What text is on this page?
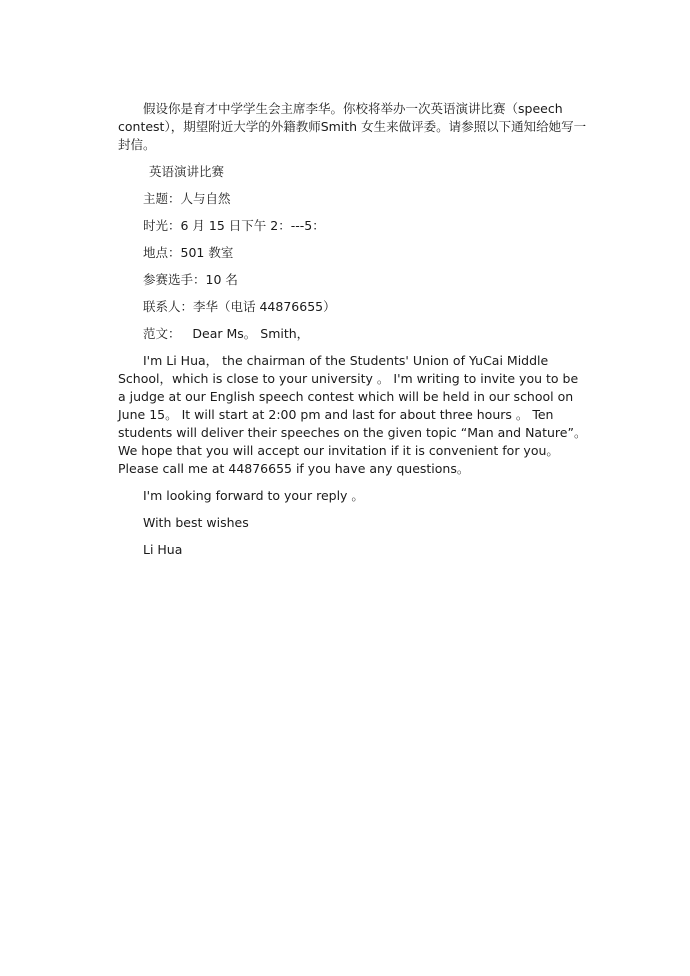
假设你是育才中学学生会主席李华。你校将举办一次英语演讲比赛（speech contest），期望附近大学的外籍教师Smith 女生来做评委。请参照以下通知给她写一封信。

英语演讲比赛

主题：人与自然

时光：6 月 15 日下午 2：---5：

地点：501 教室

参赛选手：10 名

联系人：李华（电话 44876655）

范文：   Dear Ms。 Smith，

I'm Li Hua， the chairman of the Students' Union of YuCai Middle School，which is close to your university 。 I'm writing to invite you to be a judge at our English speech contest which will be held in our school on June 15。 It will start at 2:00 pm and last for about three hours 。 Ten students will deliver their speeches on the given topic “Man and Nature”。 We hope that you will accept our invitation if it is convenient for you。 Please call me at 44876655 if you have any questions。

I'm looking forward to your reply 。

With best wishes

Li Hua
